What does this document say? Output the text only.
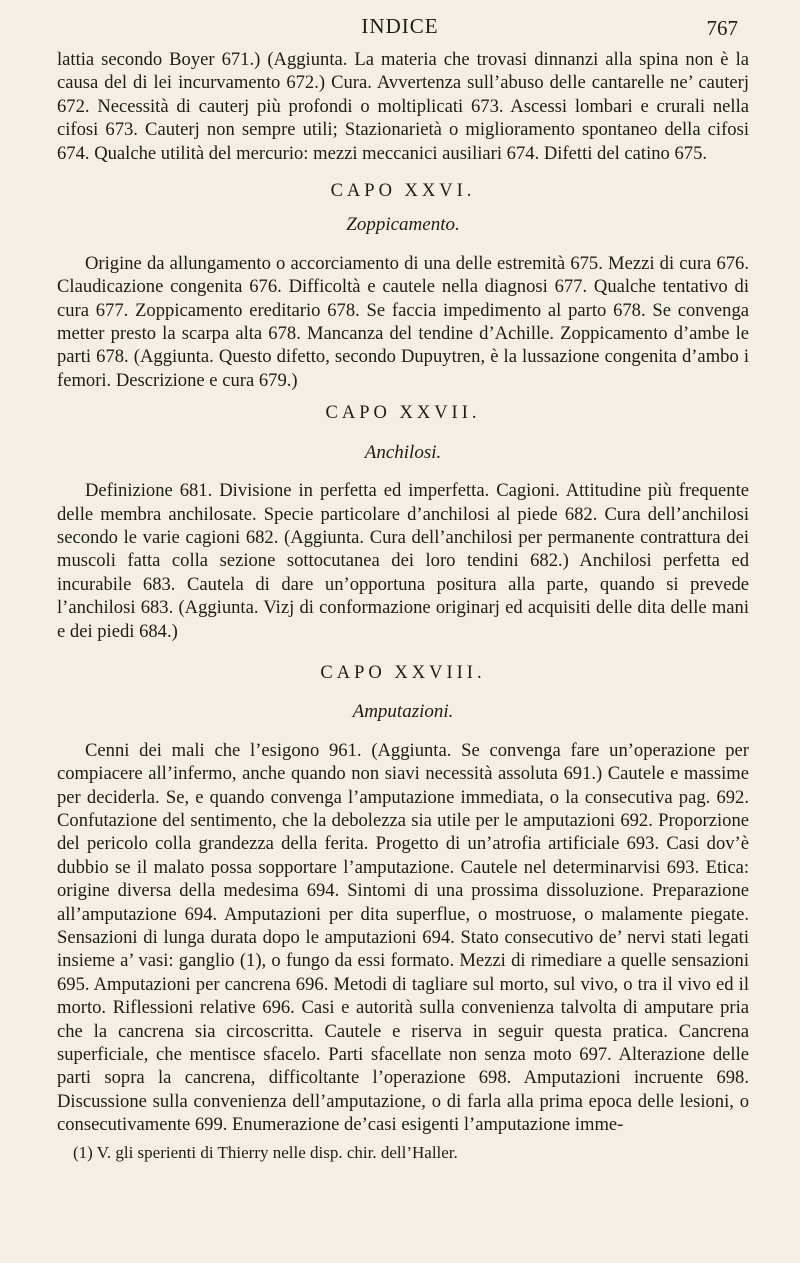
INDICE	767

lattia secondo Boyer 671.) (Aggiunta. La materia che trovasi dinnanzi alla spina non è la causa del di lei incurvamento 672.) Cura. Avvertenza sull’abuso delle cantarelle ne’ cauterj 672. Necessità di cauterj più profondi o moltiplicati 673. Ascessi lombari e crurali nella cifosi 673. Cauterj non sempre utili; Stazionarietà o miglioramento spontaneo della cifosi 674. Qualche utilità del mercurio: mezzi meccanici ausiliari 674. Difetti del catino 675.

CAPO XXVI.
Zoppicamento.

Origine da allungamento o accorciamento di una delle estremità 675. Mezzi di cura 676. Claudicazione congenita 676. Difficoltà e cautele nella diagnosi 677. Qualche tentativo di cura 677. Zoppicamento ereditario 678. Se faccia impedimento al parto 678. Se convenga metter presto la scarpa alta 678. Mancanza del tendine d’Achille. Zoppicamento d’ambe le parti 678. (Aggiunta. Questo difetto, secondo Dupuytren, è la lussazione congenita d’ambo i femori. Descrizione e cura 679.)

CAPO XXVII.
Anchilosi.

Definizione 681. Divisione in perfetta ed imperfetta. Cagioni. Attitudine più frequente delle membra anchilosate. Specie particolare d’anchilosi al piede 682. Cura dell’anchilosi secondo le varie cagioni 682. (Aggiunta. Cura dell’anchilosi per permanente contrattura dei muscoli fatta colla sezione sottocutanea dei loro tendini 682.) Anchilosi perfetta ed incurabile 683. Cautela di dare un’opportuna positura alla parte, quando si prevede l’anchilosi 683. (Aggiunta. Vizj di conformazione originarj ed acquisiti delle dita delle mani e dei piedi 684.)

CAPO XXVIII.
Amputazioni.

Cenni dei mali che l’esigono 961. (Aggiunta. Se convenga fare un’operazione per compiacere all’infermo, anche quando non siavi necessità assoluta 691.) Cautele e massime per deciderla. Se, e quando convenga l’amputazione immediata, o la consecutiva pag. 692. Confutazione del sentimento, che la debolezza sia utile per le amputazioni 692. Proporzione del pericolo colla grandezza della ferita. Progetto di un’atrofia artificiale 693. Casi dov’è dubbio se il malato possa sopportare l’amputazione. Cautele nel determinarvisi 693. Etica: origine diversa della medesima 694. Sintomi di una prossima dissoluzione. Preparazione all’amputazione 694. Amputazioni per dita superflue, o mostruose, o malamente piegate. Sensazioni di lunga durata dopo le amputazioni 694. Stato consecutivo de’ nervi stati legati insieme a’ vasi: ganglio (1), o fungo da essi formato. Mezzi di rimediare a quelle sensazioni 695. Amputazioni per cancrena 696. Metodi di tagliare sul morto, sul vivo, o tra il vivo ed il morto. Riflessioni relative 696. Casi e autorità sulla convenienza talvolta di amputare pria che la cancrena sia circoscritta. Cautele e riserva in seguir questa pratica. Cancrena superficiale, che mentisce sfacelo. Parti sfacellate non senza moto 697. Alterazione delle parti sopra la cancrena, difficoltante l’operazione 698. Amputazioni incruente 698. Discussione sulla convenienza dell’amputazione, o di farla alla prima epoca delle lesioni, o consecutivamente 699. Enumerazione de’casi esigenti l’amputazione imme-

(1) V. gli sperienti di Thierry nelle disp. chir. dell’Haller.
